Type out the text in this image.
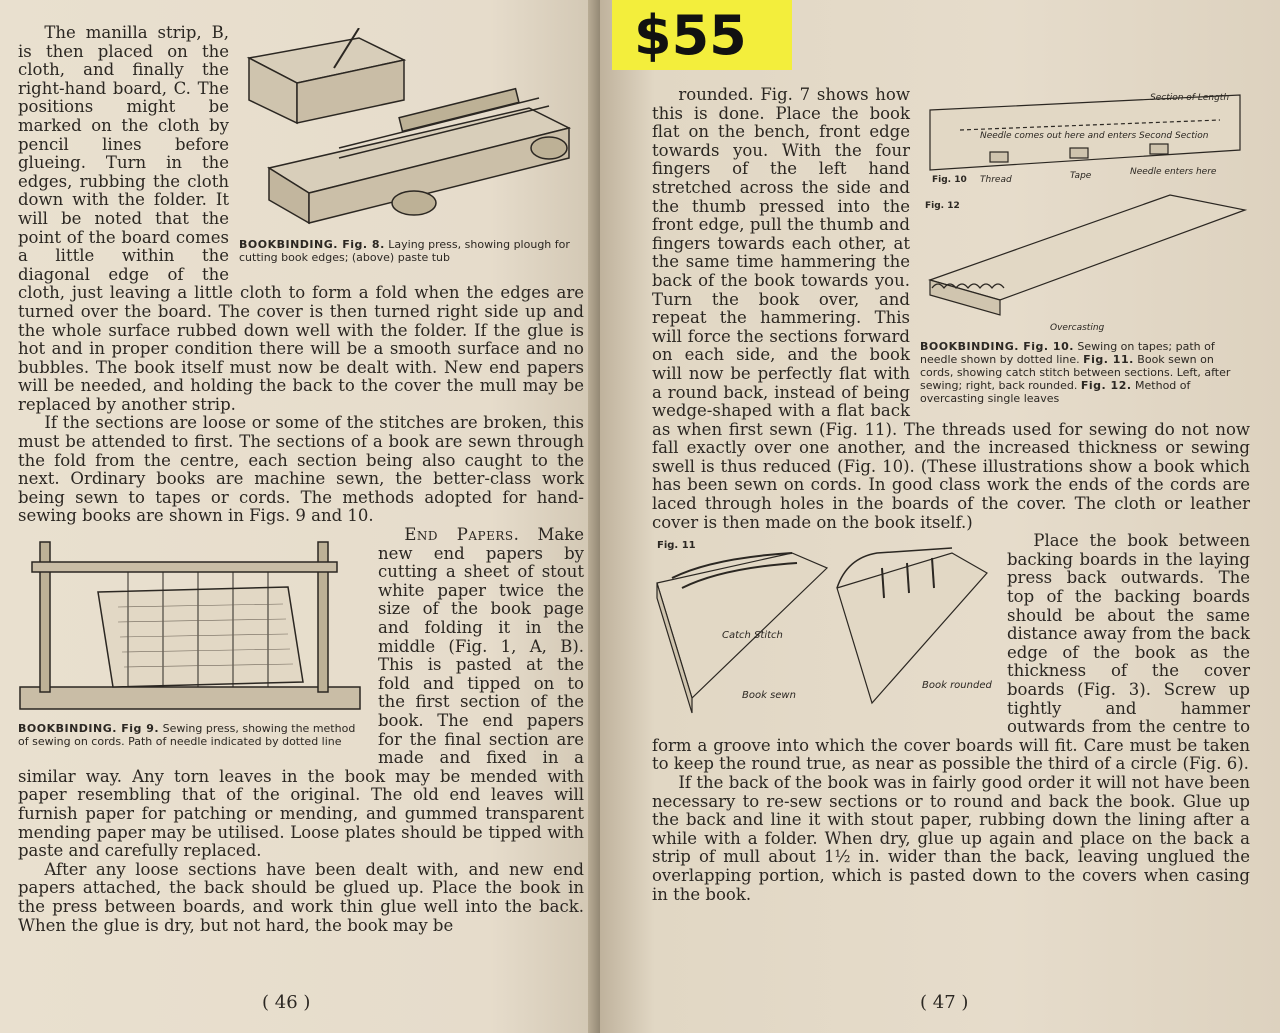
BOOKBINDING. Fig. 8. Laying press, showing plough for cutting book edges; (above) paste tub

The manilla strip, B, is then placed on the cloth, and finally the right-hand board, C. The positions might be marked on the cloth by pencil lines before glueing. Turn in the edges, rubbing the cloth down with the folder. It will be noted that the point of the board comes a little within the diagonal edge of the cloth, just leaving a little cloth to form a fold when the edges are turned over the board. The cover is then turned right side up and the whole surface rubbed down well with the folder. If the glue is hot and in proper condition there will be a smooth surface and no bubbles. The book itself must now be dealt with. New end papers will be needed, and holding the back to the cover the mull may be replaced by another strip.

If the sections are loose or some of the stitches are broken, this must be attended to first. The sections of a book are sewn through the fold from the centre, each section being also caught to the next. Ordinary books are machine sewn, the better-class work being sewn to tapes or cords. The methods adopted for hand-sewing books are shown in Figs. 9 and 10.

BOOKBINDING. Fig 9. Sewing press, showing the method of sewing on cords. Path of needle indicated by dotted line

End Papers. Make new end papers by cutting a sheet of stout white paper twice the size of the book page and folding it in the middle (Fig. 1, A, B). This is pasted at the fold and tipped on to the first section of the book. The end papers for the final section are made and fixed in a similar way. Any torn leaves in the book may be mended with paper resembling that of the original. The old end leaves will furnish paper for patching or mending, and gummed transparent mending paper may be utilised. Loose plates should be tipped with paste and carefully replaced.

After any loose sections have been dealt with, and new end papers attached, the back should be glued up. Place the book in the press between boards, and work thin glue well into the back. When the glue is dry, but not hard, the book may be

( 46 )
Section of Length
Needle comes out here and enters Second Section
Fig. 10 Thread	Tape	Needle enters here
Fig. 12
Overcasting
BOOKBINDING. Fig. 10. Sewing on tapes; path of needle shown by dotted line. Fig. 11. Book sewn on cords, showing catch stitch between sections. Left, after sewing; right, back rounded. Fig. 12. Method of overcasting single leaves

rounded. Fig. 7 shows how this is done. Place the book flat on the bench, front edge towards you. With the four fingers of the left hand stretched across the side and the thumb pressed into the front edge, pull the thumb and fingers towards each other, at the same time hammering the back of the book towards you. Turn the book over, and repeat the hammering. This will force the sections forward on each side, and the book will now be perfectly flat with a round back, instead of being wedge-shaped with a flat back as when first sewn (Fig. 11). The threads used for sewing do not now fall exactly over one another, and the increased thickness or sewing swell is thus reduced (Fig. 10). (These illustrations show a book which has been sewn on cords. In good class work the ends of the cords are laced through holes in the boards of the cover. The cloth or leather cover is then made on the book itself.)

Fig. 11
Catch Stitch
Book sewn
Book rounded

Place the book between backing boards in the laying press back outwards. The top of the backing boards should be about the same distance away from the back edge of the book as the thickness of the cover boards (Fig. 3). Screw up tightly and hammer outwards from the centre to form a groove into which the cover boards will fit. Care must be taken to keep the round true, as near as possible the third of a circle (Fig. 6).

If the back of the book was in fairly good order it will not have been necessary to re-sew sections or to round and back the book. Glue up the back and line it with stout paper, rubbing down the lining after a while with a folder. When dry, glue up again and place on the back a strip of mull about 1½ in. wider than the back, leaving unglued the overlapping portion, which is pasted down to the covers when casing in the book.

( 47 )
$55
